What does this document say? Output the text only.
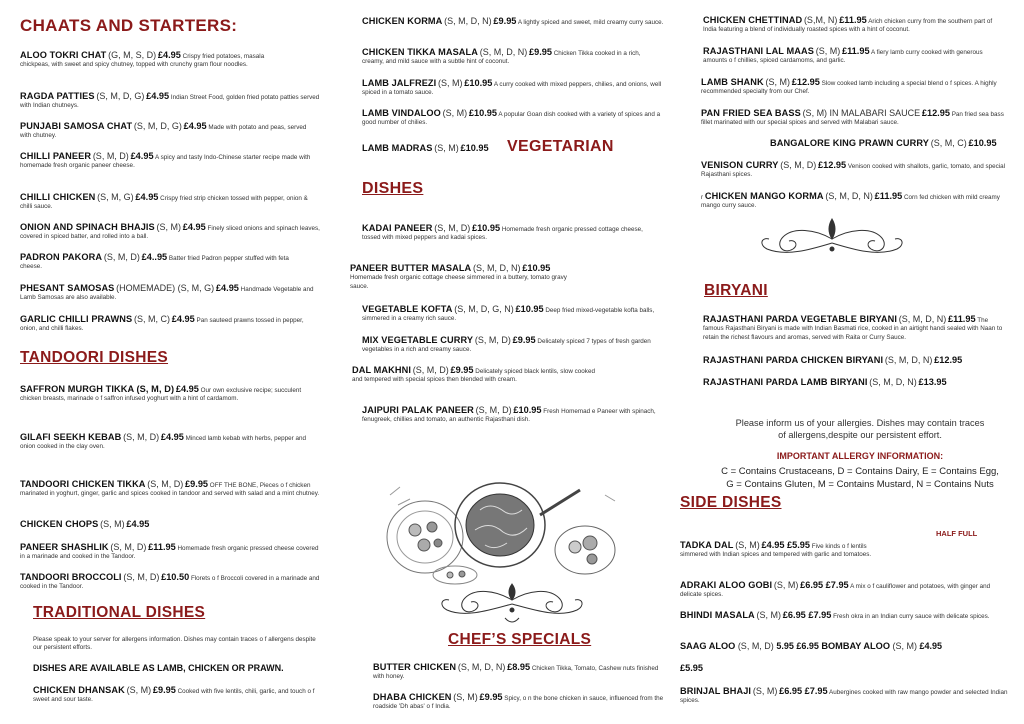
CHAATS AND STARTERS:
ALOO TOKRI CHAT (G, M, S, D) £4.95 Crispy fried potatoes, masala chickpeas, with sweet and spicy chutney, topped with crunchy gram flour noodles.
RAGDA PATTIES (S, M, D, G) £4.95 Indian Street Food, golden fried potato patties served with Indian chutneys.
PUNJABI SAMOSA CHAT (S, M, D, G) £4.95 Made with potato and peas, served with chutney.
CHILLI PANEER (S, M, D) £4.95 A spicy and tasty Indo-Chinese starter recipe made with homemade fresh organic paneer cheese.
CHILLI CHICKEN (S, M, G) £4.95 Crispy fried strip chicken tossed with pepper, onion & chilli sauce.
ONION AND SPINACH BHAJIS (S, M) £4.95 Finely sliced onions and spinach leaves, covered in spiced batter, and rolled into a ball.
PADRON PAKORA (S, M, D) £4..95 Batter fried Padron pepper stuffed with feta cheese.
PHESANT SAMOSAS (HOMEMADE) (S, M, G) £4.95 Handmade Vegetable and Lamb Samosas are also available.
GARLIC CHILLI PRAWNS (S, M, C) £4.95 Pan sauteed prawns tossed in pepper, onion, and chilli flakes.
TANDOORI DISHES
SAFFRON MURGH TIKKA (S, M, D) £4.95 Our own exclusive recipe; succulent chicken breasts, marinade o f saffron infused yoghurt with a hint of cardamom.
GILAFI SEEKH KEBAB (S, M, D) £4.95 Minced lamb kebab with herbs, pepper and onion cooked in the clay oven.
TANDOORI CHICKEN TIKKA (S, M, D) £9.95 OFF THE BONE, Pieces o f chicken marinated in yoghurt, ginger, garlic and spices cooked in tandoor and served with salad and a mint chutney.
CHICKEN CHOPS (S, M) £4.95
PANEER SHASHLIK (S, M, D) £11.95 Homemade fresh organic pressed cheese covered in a marinade and cooked in the Tandoor.
TANDOORI BROCCOLI (S, M, D) £10.50 Florets o f Broccoli covered in a marinade and cooked in the Tandoor.
TRADITIONAL DISHES
Please speak to your server for allergens information. Dishes may contain traces o f allergens despite our persistent efforts.
DISHES ARE AVAILABLE AS LAMB, CHICKEN OR PRAWN.
CHICKEN DHANSAK (S, M) £9.95 Cooked with five lentils, chili, garlic, and touch o f sweet and sour taste.
CHICKEN KORMA (S, M, D, N) £9.95 A lightly spiced and sweet, mild creamy curry sauce.
CHICKEN TIKKA MASALA (S, M, D, N) £9.95 Chicken Tikka cooked in a rich, creamy, and mild sauce with a subtle hint of coconut.
LAMB JALFREZI (S, M) £10.95 A curry cooked with mixed peppers, chilies, and onions, well spiced in a tomato sauce.
LAMB VINDALOO (S, M) £10.95 A popular Goan dish cooked with a variety of spices and a good number of chilies.
LAMB MADRAS (S, M) £10.95	VEGETARIAN
DISHES
KADAI PANEER (S, M, D) £10.95 Homemade fresh organic pressed cottage cheese, tossed with mixed peppers and kadai spices.
PANEER BUTTER MASALA (S, M, D, N) £10.95 Homemade fresh organic cottage cheese simmered in a buttery, tomato gravy sauce.
VEGETABLE KOFTA (S, M, D, G, N) £10.95 Deep fried mixed-vegetable kofta balls, simmered in a creamy rich sauce.
MIX VEGETABLE CURRY (S, M, D) £9.95 Delicately spiced 7 types of fresh garden vegetables in a rich and creamy sauce.
DAL MAKHNI (S, M, D) £9.95 Delicately spiced black lentils, slow cooked and tempered with special spices then blended with cream.
JAIPURI PALAK PANEER (S, M, D) £10.95 Fresh Homemad e Paneer with spinach, fenugreek, chillies and tomato, an authentic Rajasthani dish.
CHEF’S SPECIALS
BUTTER CHICKEN (S, M, D, N) £8.95 Chicken Tikka, Tomato, Cashew nuts finished with honey.
DHABA CHICKEN (S, M) £9.95 Spicy, o n the bone chicken in sauce, influenced from the roadside 'Dh abas' o f India.
CHICKEN CHETTINAD (S,M, N) £11.95 Arich chicken curry from the southern part of India featuring a blend of individually roasted spices with a hint of coconut.
RAJASTHANI LAL MAAS (S, M) £11.95 A fiery lamb curry cooked with generous amounts o f chillies, spiced cardamoms, and garlic.
LAMB SHANK (S, M) £12.95 Slow cooked lamb including a special blend o f spices. A highly recommended specialty from our Chef.
PAN FRIED SEA BASS (S, M) IN MALABARI SAUCE £12.95 Pan fried sea bass fillet marinated with our special spices and served with Malabari sauce.
BANGALORE KING PRAWN CURRY (S, M, C) £10.95
VENISON CURRY (S, M, D) £12.95 Venison cooked with shallots, garlic, tomato, and special Rajasthani spices.
r CHICKEN MANGO KORMA (S, M, D, N) £11.95 Corn fed chicken with mild creamy mango curry sauce.
BIRYANI
RAJASTHANI PARDA VEGETABLE BIRYANI (S, M, D, N) £11.95 The famous Rajasthani Biryani is made with Indian Basmati rice, cooked in an airtight handi sealed with Naan to retain the richest flavours and aromas, served with Raita or Curry Sauce.
RAJASTHANI PARDA CHICKEN BIRYANI (S, M, D, N) £12.95
RAJASTHANI PARDA LAMB BIRYANI (S, M, D, N) £13.95
Please inform us of your allergies. Dishes may contain traces
of allergens,despite our persistent effort.
IMPORTANT ALLERGY INFORMATION:
C = Contains Crustaceans, D = Contains Dairy, E = Contains Egg,
G = Contains Gluten, M = Contains Mustard, N = Contains Nuts
SIDE DISHES
HALF FULL
TADKA DAL (S, M) £4.95 £5.95 Five kinds o f lentils simmered with Indian spices and tempered with garlic and tomatoes.
ADRAKI ALOO GOBI (S, M) £6.95 £7.95 A mix o f cauliflower and potatoes, with ginger and delicate spices.
BHINDI MASALA (S, M) £6.95 £7.95 Fresh okra in an Indian curry sauce with delicate spices.
SAAG ALOO (S, M, D) 5.95 £6.95 BOMBAY ALOO (S, M) £4.95
£5.95
BRINJAL BHAJI (S, M) £6.95 £7.95 Aubergines cooked with raw mango powder and selected Indian spices.
